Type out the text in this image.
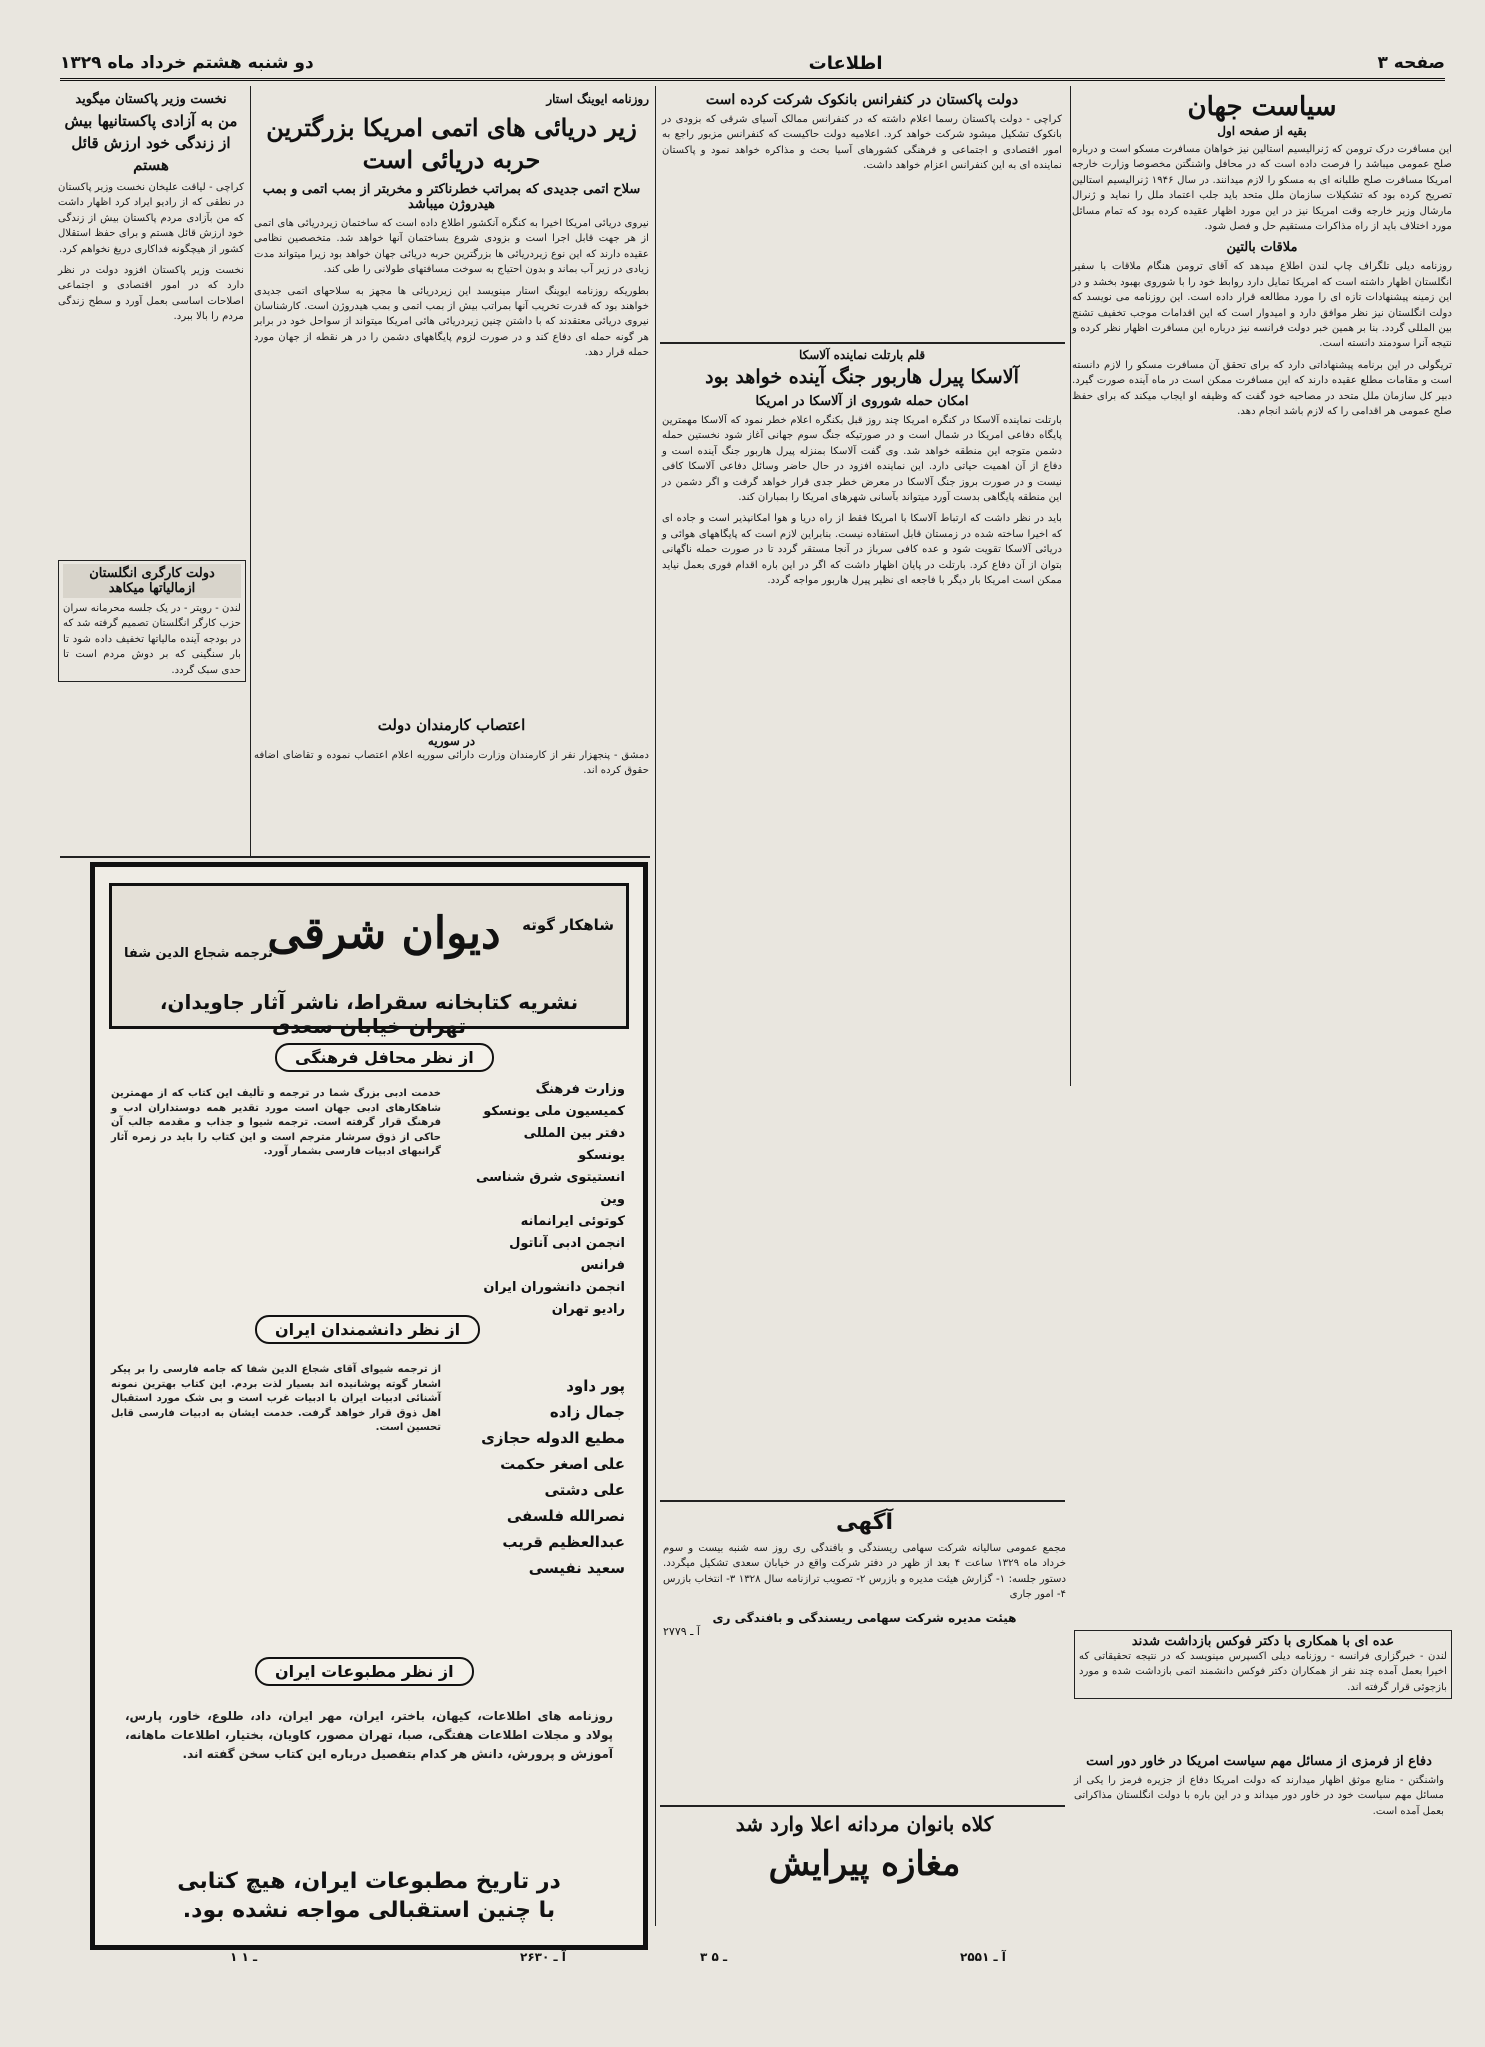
صفحه ۳
اطلاعات
دو شنبه هشتم خرداد ماه ۱۳۲۹
سیاست جهان
بقیه از صفحه اول
این مسافرت درک ترومن که ژنرالیسیم استالین نیز خواهان مسافرت مسکو است و درباره صلح عمومی میباشد را فرصت داده است که در محافل واشنگتن مخصوصا وزارت خارجه امریکا مسافرت صلح طلبانه ای به مسکو را لازم میدانند. در سال ۱۹۴۶ ژنرالیسیم استالین تصریح کرده بود که تشکیلات سازمان ملل متحد باید جلب اعتماد ملل را نماید و ژنرال مارشال وزیر خارجه وقت امریکا نیز در این مورد اظهار عقیده کرده بود که تمام مسائل مورد اختلاف باید از راه مذاکرات مستقیم حل و فصل شود.
ملاقات بالتین
روزنامه دیلی تلگراف چاپ لندن اطلاع میدهد که آقای ترومن هنگام ملاقات با سفیر انگلستان اظهار داشته است که امریکا تمایل دارد روابط خود را با شوروی بهبود بخشد و در این زمینه پیشنهادات تازه ای را مورد مطالعه قرار داده است. این روزنامه می نویسد که دولت انگلستان نیز نظر موافق دارد و امیدوار است که این اقدامات موجب تخفیف تشنج بین المللی گردد. بنا بر همین خبر دولت فرانسه نیز درباره این مسافرت اظهار نظر کرده و نتیجه آنرا سودمند دانسته است.
تریگولی در این برنامه پیشنهاداتی دارد که برای تحقق آن مسافرت مسکو را لازم دانسته است و مقامات مطلع عقیده دارند که این مسافرت ممکن است در ماه آینده صورت گیرد. دبیر کل سازمان ملل متحد در مصاحبه خود گفت که وظیفه او ایجاب میکند که برای حفظ صلح عمومی هر اقدامی را که لازم باشد انجام دهد.
عده ای با همکاری با دکتر فوکس بازداشت شدند
لندن - خبرگزاری فرانسه - روزنامه دیلی اکسپرس مینویسد که در نتیجه تحقیقاتی که اخیرا بعمل آمده چند نفر از همکاران دکتر فوکس دانشمند اتمی بازداشت شده و مورد بازجوئی قرار گرفته اند.
دفاع از فرمزی از مسائل مهم سیاست امریکا در خاور دور است
واشنگتن - منابع موثق اظهار میدارند که دولت امریکا دفاع از جزیره فرمز را یکی از مسائل مهم سیاست خود در خاور دور میداند و در این باره با دولت انگلستان مذاکراتی بعمل آمده است.
دولت پاکستان در کنفرانس بانکوک شرکت کرده است
کراچی - دولت پاکستان رسما اعلام داشته که در کنفرانس ممالک آسیای شرقی که بزودی در بانکوک تشکیل میشود شرکت خواهد کرد. اعلامیه دولت حاکیست که کنفرانس مزبور راجع به امور اقتصادی و اجتماعی و فرهنگی کشورهای آسیا بحث و مذاکره خواهد نمود و پاکستان نماینده ای به این کنفرانس اعزام خواهد داشت.
قلم بارتلت نماینده آلاسکا
آلاسکا پیرل هاربور جنگ آینده خواهد بود
امکان حمله شوروی از آلاسکا در امریکا
بارتلت نماینده آلاسکا در کنگره امریکا چند روز قبل بکنگره اعلام خطر نمود که آلاسکا مهمترین پایگاه دفاعی امریکا در شمال است و در صورتیکه جنگ سوم جهانی آغاز شود نخستین حمله دشمن متوجه این منطقه خواهد شد. وی گفت آلاسکا بمنزله پیرل هاربور جنگ آینده است و دفاع از آن اهمیت حیاتی دارد. این نماینده افزود در حال حاضر وسائل دفاعی آلاسکا کافی نیست و در صورت بروز جنگ آلاسکا در معرض خطر جدی قرار خواهد گرفت و اگر دشمن در این منطقه پایگاهی بدست آورد میتواند بآسانی شهرهای امریکا را بمباران کند.
باید در نظر داشت که ارتباط آلاسکا با امریکا فقط از راه دریا و هوا امکانپذیر است و جاده ای که اخیرا ساخته شده در زمستان قابل استفاده نیست. بنابراین لازم است که پایگاههای هوائی و دریائی آلاسکا تقویت شود و عده کافی سرباز در آنجا مستقر گردد تا در صورت حمله ناگهانی بتوان از آن دفاع کرد. بارتلت در پایان اظهار داشت که اگر در این باره اقدام فوری بعمل نیاید ممکن است امریکا بار دیگر با فاجعه ای نظیر پیرل هاربور مواجه گردد.
آگهی
مجمع عمومی سالیانه شرکت سهامی ریسندگی و بافندگی ری روز سه شنبه بیست و سوم خرداد ماه ۱۳۲۹ ساعت ۴ بعد از ظهر در دفتر شرکت واقع در خیابان سعدی تشکیل میگردد. دستور جلسه: ۱- گزارش هیئت مدیره و بازرس ۲- تصویب ترازنامه سال ۱۳۲۸ ۳- انتخاب بازرس ۴- امور جاری
هیئت مدیره شرکت سهامی ریسندگی و بافندگی ری
آ ـ ۲۷۷۹
کلاه بانوان مردانه اعلا وارد شد
مغازه پیرایش
روزنامه ایوینگ استار
زیر دریائی های اتمی امریکا بزرگترین حربه دریائی است
سلاح اتمی جدیدی که بمراتب خطرناکتر و مخربتر از بمب اتمی و بمب هیدروژن میباشد
نیروی دریائی امریکا اخیرا به کنگره آنکشور اطلاع داده است که ساختمان زیردریائی های اتمی از هر جهت قابل اجرا است و بزودی شروع بساختمان آنها خواهد شد. متخصصین نظامی عقیده دارند که این نوع زیردریائی ها بزرگترین حربه دریائی جهان خواهد بود زیرا میتواند مدت زیادی در زیر آب بماند و بدون احتیاج به سوخت مسافتهای طولانی را طی کند.
بطوریکه روزنامه ایوینگ استار مینویسد این زیردریائی ها مجهز به سلاحهای اتمی جدیدی خواهند بود که قدرت تخریب آنها بمراتب بیش از بمب اتمی و بمب هیدروژن است. کارشناسان نیروی دریائی معتقدند که با داشتن چنین زیردریائی هائی امریکا میتواند از سواحل خود در برابر هر گونه حمله ای دفاع کند و در صورت لزوم پایگاههای دشمن را در هر نقطه از جهان مورد حمله قرار دهد.
اعتصاب کارمندان دولت
در سوریه
دمشق - پنجهزار نفر از کارمندان وزارت دارائی سوریه اعلام اعتصاب نموده و تقاضای اضافه حقوق کرده اند.
نخست وزیر پاکستان میگوید
من به آزادی پاکستانیها بیش از زندگی خود ارزش قائل هستم
کراچی - لیاقت علیخان نخست وزیر پاکستان در نطقی که از رادیو ایراد کرد اظهار داشت که من بآزادی مردم پاکستان بیش از زندگی خود ارزش قائل هستم و برای حفظ استقلال کشور از هیچگونه فداکاری دریغ نخواهم کرد.
نخست وزیر پاکستان افزود دولت در نظر دارد که در امور اقتصادی و اجتماعی اصلاحات اساسی بعمل آورد و سطح زندگی مردم را بالا ببرد.
دولت کارگری انگلستان ازمالیاتها میکاهد
لندن - رویتر - در یک جلسه محرمانه سران حزب کارگر انگلستان تصمیم گرفته شد که در بودجه آینده مالیاتها تخفیف داده شود تا بار سنگینی که بر دوش مردم است تا حدی سبک گردد.
شاهکار گوته
دیوان شرقی
ترجمه شجاع الدین شفا
نشریه کتابخانه سقراط، ناشر آثار جاویدان، تهران خیابان سعدی
از نظر محافل فرهنگی
خدمت ادبی بزرگ شما در ترجمه و تألیف این کتاب که از مهمترین شاهکارهای ادبی جهان است مورد تقدیر همه دوستداران ادب و فرهنگ قرار گرفته است. ترجمه شیوا و جذاب و مقدمه جالب آن حاکی از ذوق سرشار مترجم است و این کتاب را باید در زمره آثار گرانبهای ادبیات فارسی بشمار آورد.
وزارت فرهنگ
کمیسیون ملی یونسکو
دفتر بین المللی یونسکو
انستیتوی شرق شناسی وین
کوتوئی ایرانمانه
انجمن ادبی آناتول فرانس
انجمن دانشوران ایران
رادیو تهران
از نظر دانشمندان ایران
از ترجمه شیوای آقای شجاع الدین شفا که جامه فارسی را بر پیکر اشعار گوته پوشانیده اند بسیار لذت بردم. این کتاب بهترین نمونه آشنائی ادبیات ایران با ادبیات غرب است و بی شک مورد استقبال اهل ذوق قرار خواهد گرفت. خدمت ایشان به ادبیات فارسی قابل تحسین است.
پور داود
جمال زاده
مطیع الدوله حجازی
علی اصغر حکمت
علی دشتی
نصرالله فلسفی
عبدالعظیم قریب
سعید نفیسی
از نظر مطبوعات ایران
روزنامه های اطلاعات، کیهان، باختر، ایران، مهر ایران، داد، طلوع، خاور، پارس، پولاد و مجلات اطلاعات هفتگی، صبا، تهران مصور، کاویان، بختیار، اطلاعات ماهانه، آموزش و پرورش، دانش هر کدام بتفصیل درباره این کتاب سخن گفته اند.
در تاریخ مطبوعات ایران، هیچ کتابی
با چنین استقبالی مواجه نشده بود.
آ ـ ۲۶۳۰
۱ ـ ۱	آ ـ ۲۵۵۱
۳ ـ ۵
